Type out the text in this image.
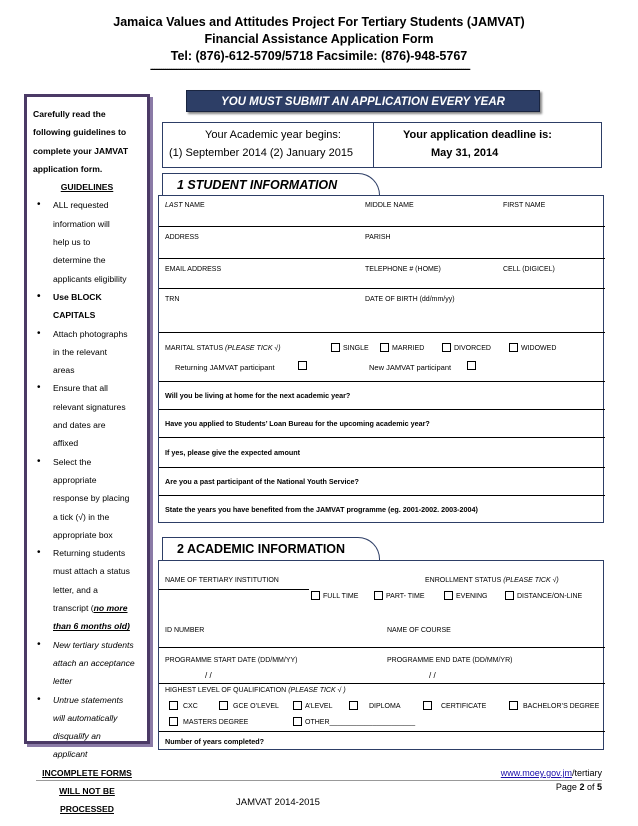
Jamaica Values and Attitudes Project For Tertiary Students (JAMVAT)
Financial Assistance Application Form
Tel: (876)-612-5709/5718 Facsimile: (876)-948-5767
------------------------------------------------------------------------------------------------------------------------------------------------------
Carefully read the
following guidelines to
complete your JAMVAT
application form.
GUIDELINES
• ALL requested
information will
help us to
determine the
applicants eligibility
• Use BLOCK
CAPITALS
• Attach photographs
in the relevant
areas
• Ensure that all
relevant signatures
and dates are
affixed
• Select the
appropriate
response by placing
a tick (√) in the
appropriate box
• Returning students
must attach a status
letter, and a
transcript (no more
than 6 months old)
• New tertiary students
attach an acceptance
letter
• Untrue statements
will automatically
disqualify an
applicant
INCOMPLETE FORMS
WILL NOT BE
PROCESSED
YOU MUST SUBMIT AN APPLICATION EVERY YEAR
Your Academic year begins:
(1) September 2014 (2) January 2015
Your application deadline is:
May 31, 2014
1 STUDENT INFORMATION
LAST NAME	MIDDLE NAME	FIRST NAME
ADDRESS	PARISH
EMAIL ADDRESS	TELEPHONE # (HOME)	CELL (DIGICEL)
TRN	DATE OF BIRTH (dd/mm/yy)
MARITAL STATUS (PLEASE TICK √)	SINGLE	MARRIED	DIVORCED	WIDOWED
Returning JAMVAT participant	New JAMVAT participant
Will you be living at home for the next academic year?
Have you applied to Students’ Loan Bureau for the upcoming academic year?
If yes, please give the expected amount
Are you a past participant of the National Youth Service?
State the years you have benefited from the JAMVAT programme (eg. 2001-2002. 2003-2004)
2 ACADEMIC INFORMATION
NAME OF TERTIARY INSTITUTION	ENROLLMENT STATUS (PLEASE TICK √)
FULL TIME	PART- TIME	EVENING	DISTANCE/ON-LINE
ID NUMBER	NAME OF COURSE
PROGRAMME START DATE (DD/MM/YY)	PROGRAMME END DATE (DD/MM/YR)
/ /	/ /
HIGHEST LEVEL OF QUALIFICATION (PLEASE TICK √ )
CXC	GCE O’LEVEL	A’LEVEL	DIPLOMA	CERTIFICATE	BACHELOR’S DEGREE
MASTERS DEGREE	OTHER______________________
Number of years completed?
www.moey.gov.jm/tertiary
Page 2 of 5
JAMVAT 2014-2015
